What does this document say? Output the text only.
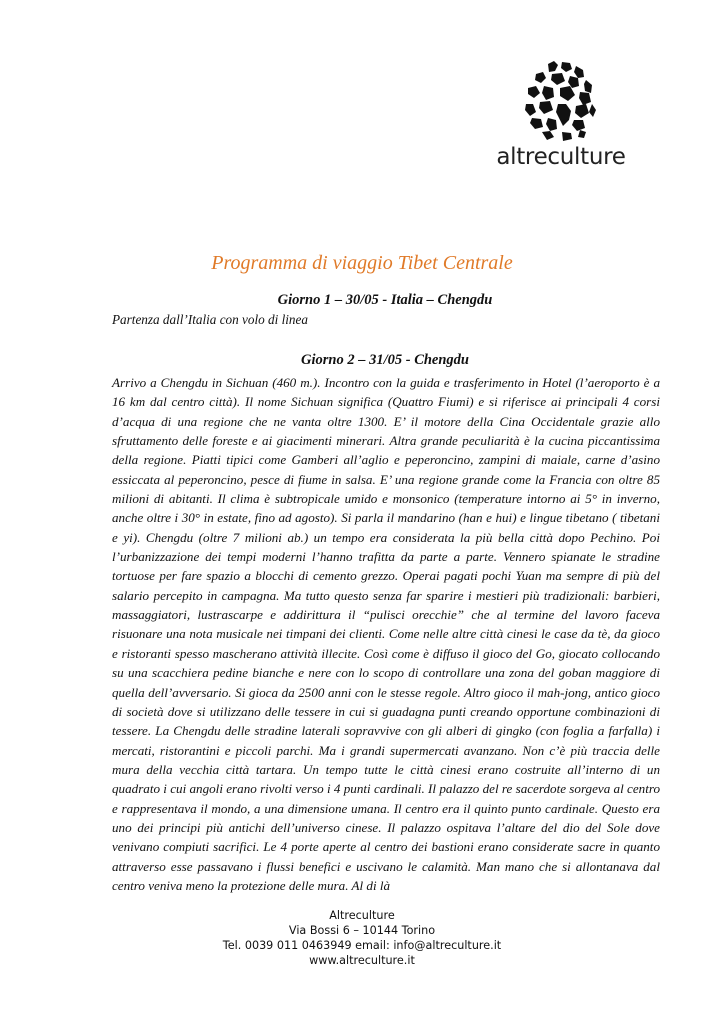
altreculture
Programma di viaggio Tibet Centrale
Giorno 1 – 30/05 - Italia – Chengdu
Partenza dall’Italia con volo di linea
Giorno 2 – 31/05 - Chengdu

Arrivo a Chengdu in Sichuan (460 m.). Incontro con la guida e trasferimento in Hotel (l’aeroporto è a 16 km dal centro città). Il nome Sichuan significa (Quattro Fiumi) e si riferisce ai principali 4 corsi d’acqua di una regione che ne vanta oltre 1300. E’ il motore della Cina Occidentale grazie allo sfruttamento delle foreste e ai giacimenti minerari. Altra grande peculiarità è la cucina piccantissima della regione. Piatti tipici come Gamberi all’aglio e peperoncino, zampini di maiale, carne d’asino essiccata al peperoncino, pesce di fiume in salsa. E’ una regione grande come la Francia con oltre 85 milioni di abitanti. Il clima è subtropicale umido e monsonico (temperature intorno ai 5° in inverno, anche oltre i 30° in estate, fino ad agosto). Si parla il mandarino (han e hui) e lingue tibetano ( tibetani e yi). Chengdu (oltre 7 milioni ab.) un tempo era considerata la più bella città dopo Pechino. Poi l’urbanizzazione dei tempi moderni l’hanno trafitta da parte a parte. Vennero spianate le stradine tortuose per fare spazio a blocchi di cemento grezzo. Operai pagati pochi Yuan ma sempre di più del salario percepito in campagna. Ma tutto questo senza far sparire i mestieri più tradizionali: barbieri, massaggiatori, lustrascarpe e addirittura il “pulisci orecchie” che al termine del lavoro faceva risuonare una nota musicale nei timpani dei clienti. Come nelle altre città cinesi le case da tè, da gioco e ristoranti spesso mascherano attività illecite. Così come è diffuso il gioco del Go, giocato collocando su una scacchiera pedine bianche e nere con lo scopo di controllare una zona del goban maggiore di quella dell’avversario. Si gioca da 2500 anni con le stesse regole. Altro gioco il mah-jong, antico gioco di società dove si utilizzano delle tessere in cui si guadagna punti creando opportune combinazioni di tessere. La Chengdu delle stradine laterali sopravvive con gli alberi di gingko (con foglia a farfalla) i mercati, ristorantini e piccoli parchi. Ma i grandi supermercati avanzano. Non c’è più traccia delle mura della vecchia città tartara. Un tempo tutte le città cinesi erano costruite all’interno di un quadrato i cui angoli erano rivolti verso i 4 punti cardinali. Il palazzo del re sacerdote sorgeva al centro e rappresentava il mondo, a una dimensione umana. Il centro era il quinto punto cardinale. Questo era uno dei principi più antichi dell’universo cinese. Il palazzo ospitava l’altare del dio del Sole dove venivano compiuti sacrifici. Le 4 porte aperte al centro dei bastioni erano considerate sacre in quanto attraverso esse passavano i flussi benefici e uscivano le calamità. Man mano che si allontanava dal centro veniva meno la protezione delle mura. Al di là

Altreculture
Via Bossi 6 – 10144 Torino
Tel. 0039 011 0463949 email: info@altreculture.it
www.altreculture.it
